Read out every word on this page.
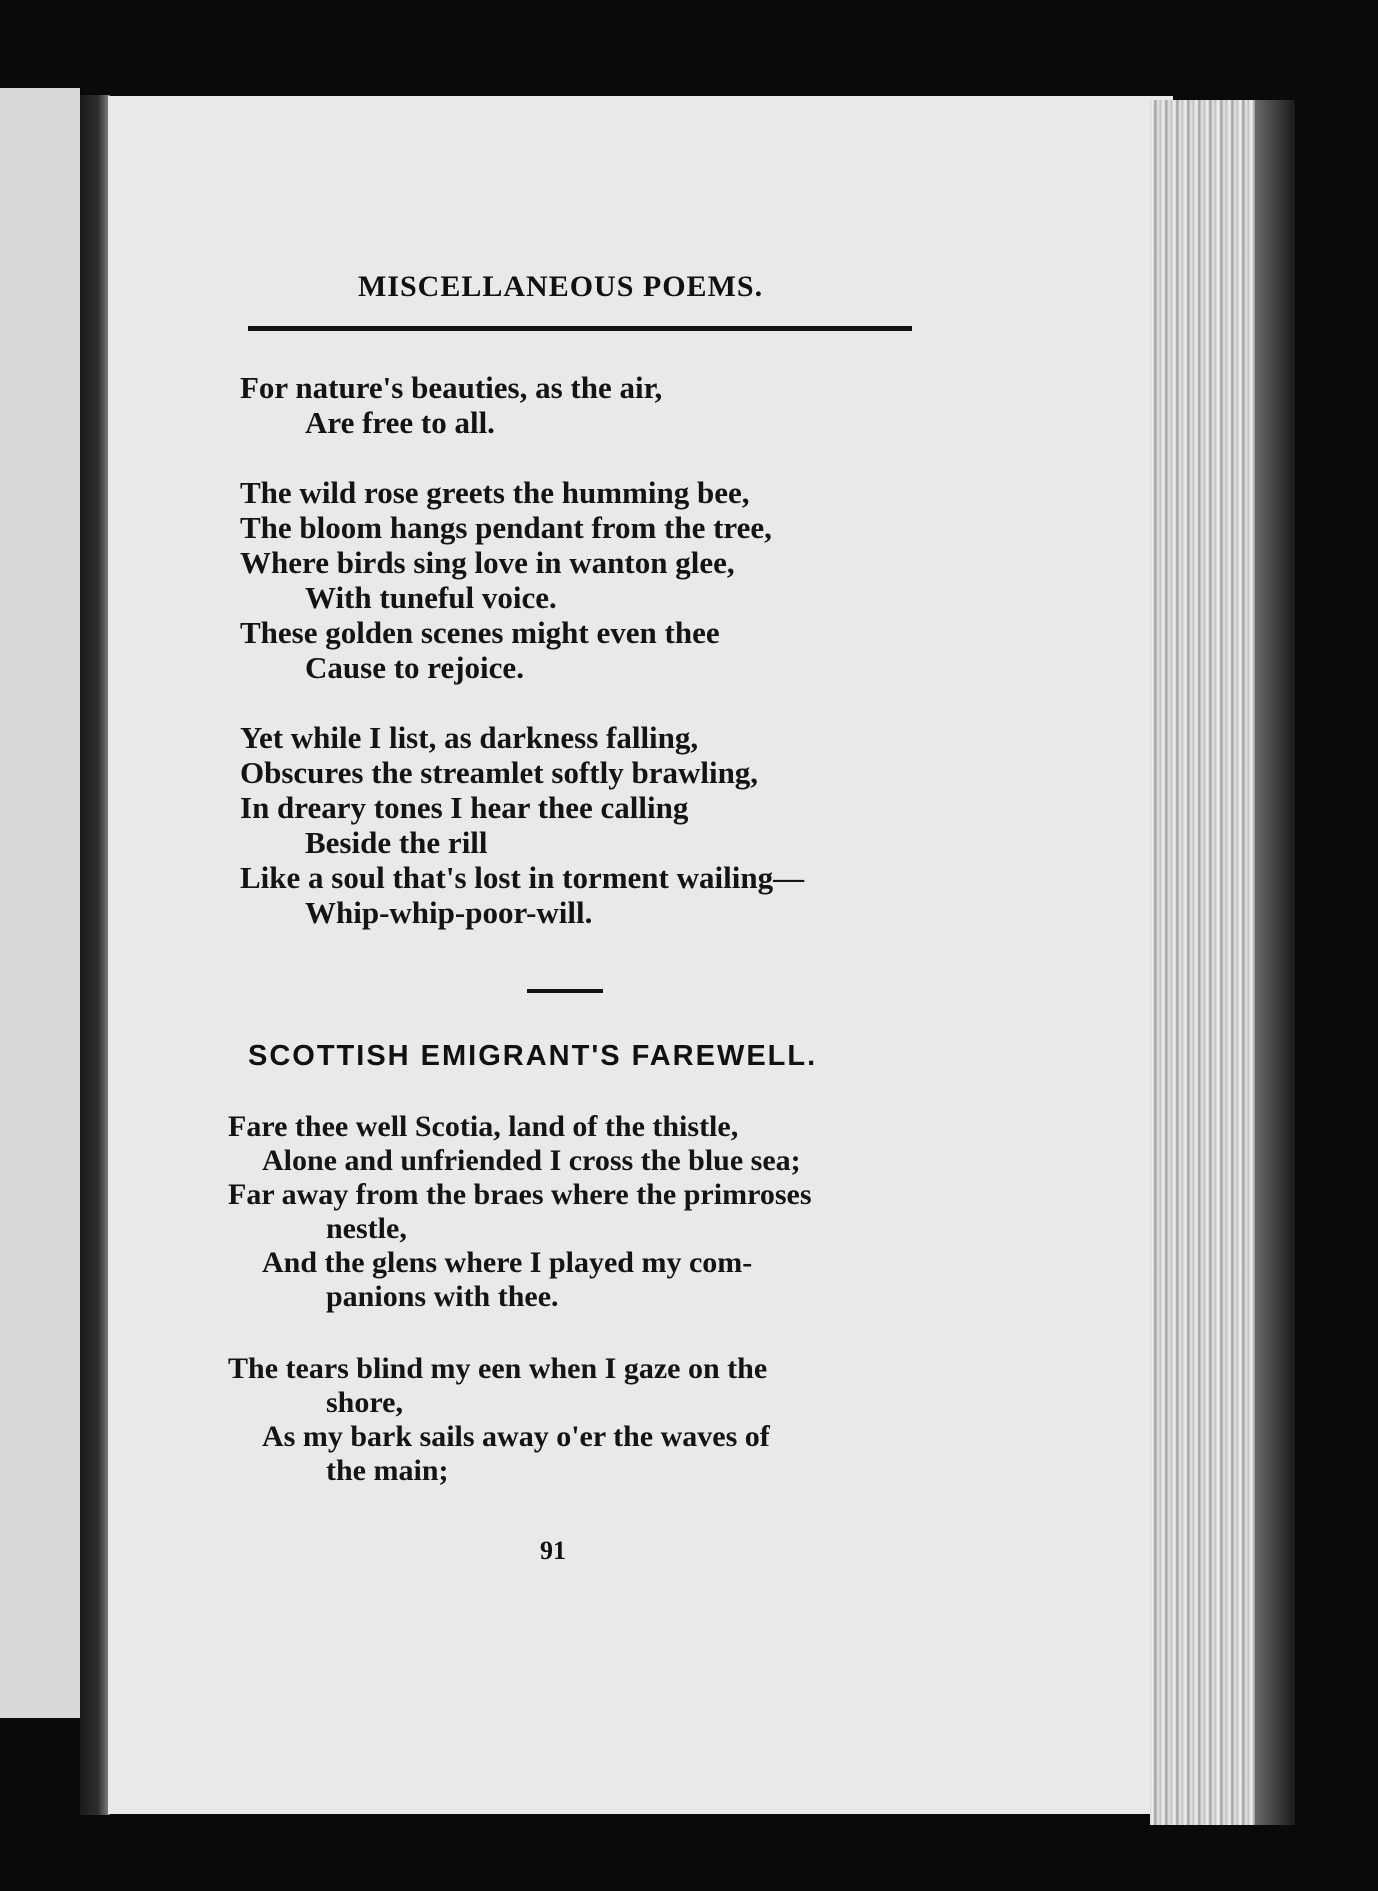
MISCELLANEOUS POEMS.
For nature's beauties, as the air,
Are free to all.
The wild rose greets the humming bee,
The bloom hangs pendant from the tree,
Where birds sing love in wanton glee,
With tuneful voice.
These golden scenes might even thee
Cause to rejoice.
Yet while I list, as darkness falling,
Obscures the streamlet softly brawling,
In dreary tones I hear thee calling
Beside the rill
Like a soul that's lost in torment wailing—
Whip-whip-poor-will.
SCOTTISH EMIGRANT'S FAREWELL.
Fare thee well Scotia, land of the thistle,
Alone and unfriended I cross the blue sea;
Far away from the braes where the primroses
nestle,
And the glens where I played my com-
panions with thee.
The tears blind my een when I gaze on the
shore,
As my bark sails away o'er the waves of
the main;
91
